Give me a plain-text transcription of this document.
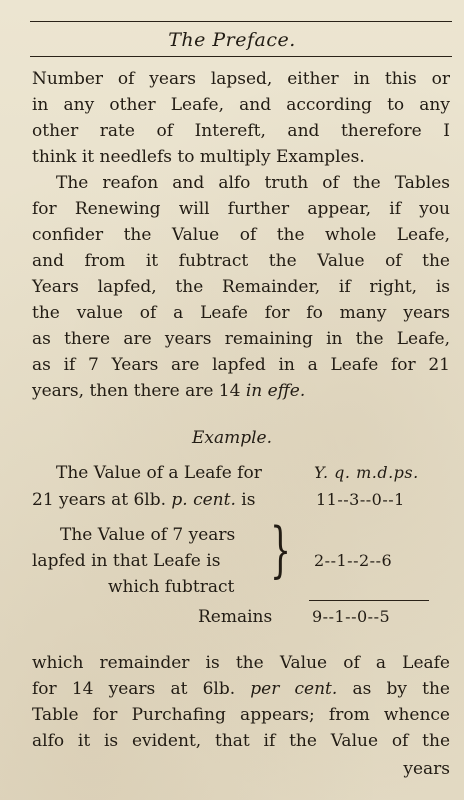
The Preface.
Number of years lapsed, either in this or
in any other Leafe, and according to any
other rate of Intereft, and therefore I
think it needlefs to multiply Examples.
The reafon and alfo truth of the Tables
for Renewing will further appear, if you
confider the Value of the whole Leafe,
and from it fubtract the Value of the
Years lapfed, the Remainder, if right, is
the value of a Leafe for fo many years
as there are years remaining in the Leafe,
as if 7 Years are lapfed in a Leafe for 21
years, then there are 14 in effe.
Example.
The Value of a Leafe for	Y. q. m.d.ps.
21 years at 6lb. p. cent. is	11--3--0--1
The Value of 7 years
lapfed in that Leafe is	2--1--2--6
which fubtract
}
Remains 9--1--0--5
which remainder is the Value of a Leafe
for 14 years at 6lb. per cent. as by the
Table for Purchafing appears; from whence
alfo it is evident, that if the Value of the
years
